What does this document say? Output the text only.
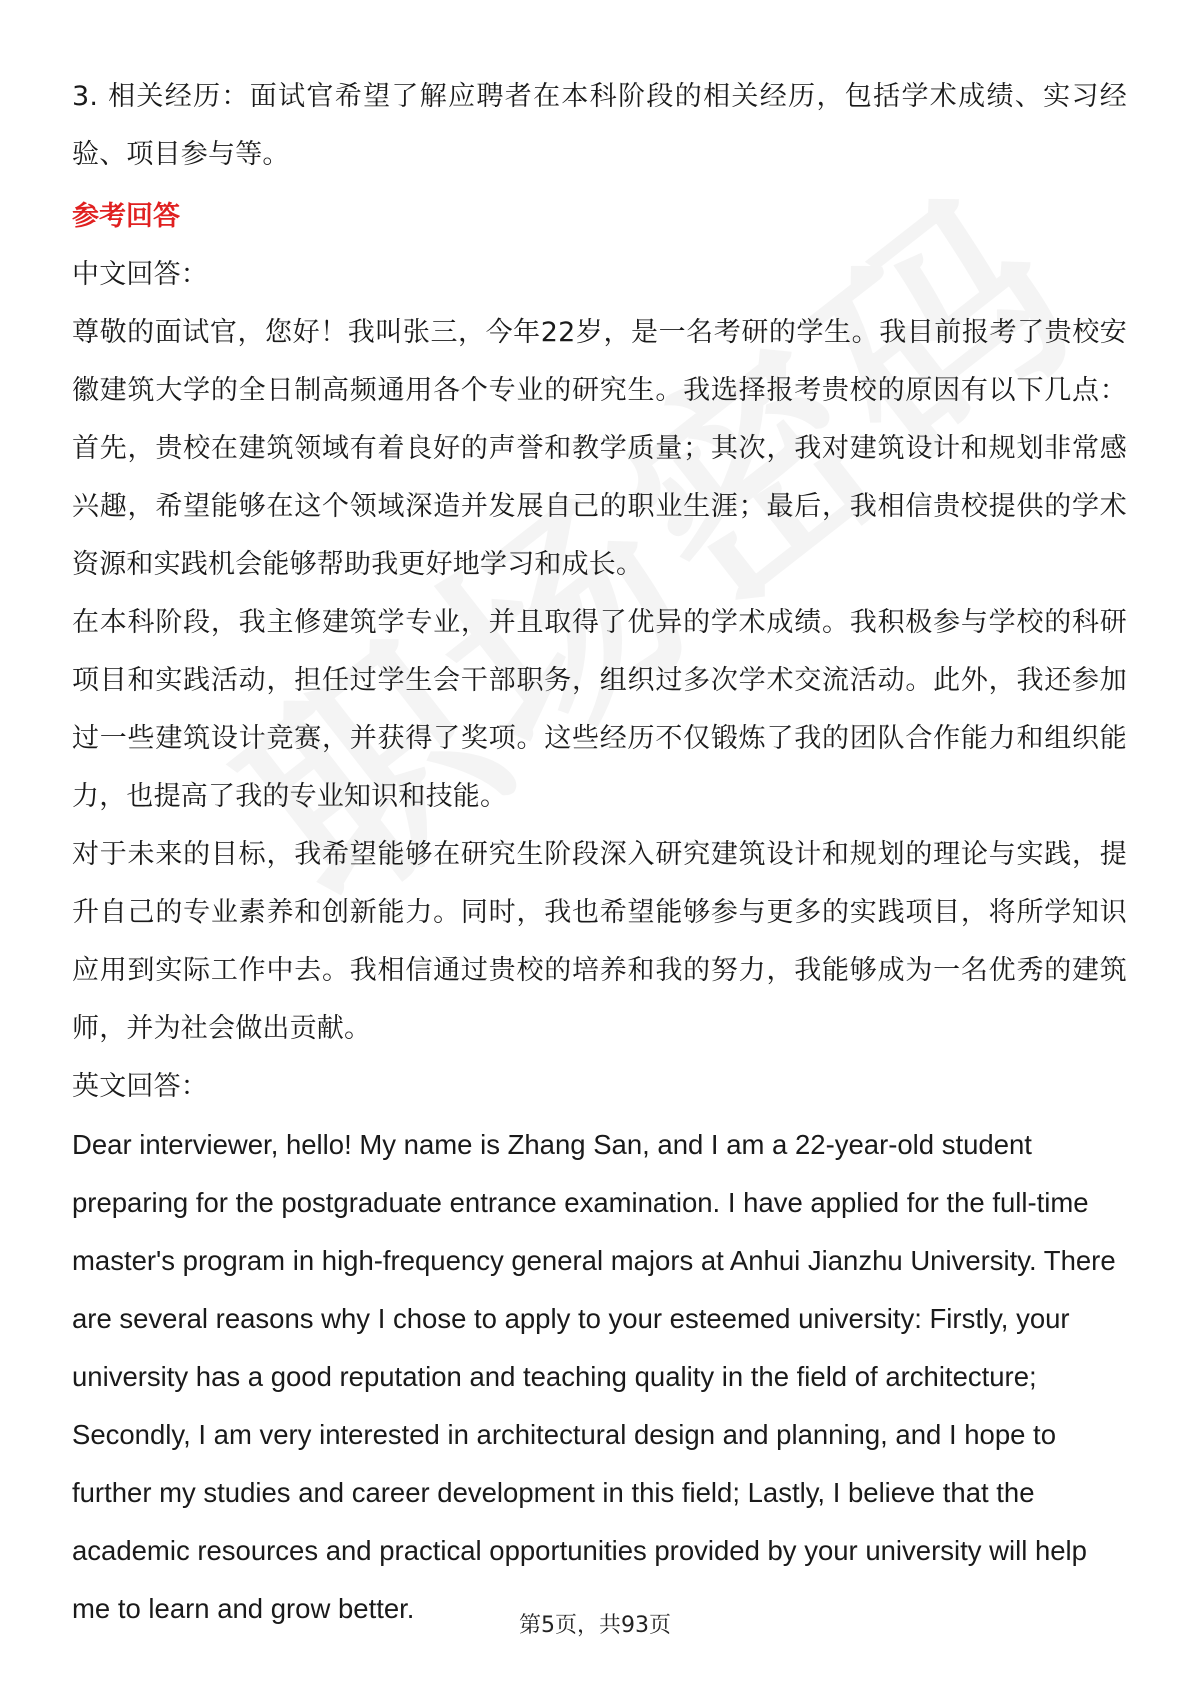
3. 相关经历：面试官希望了解应聘者在本科阶段的相关经历，包括学术成绩、实习经验、项目参与等。

参考回答

中文回答：

尊敬的面试官，您好！我叫张三，今年22岁，是一名考研的学生。我目前报考了贵校安徽建筑大学的全日制高频通用各个专业的研究生。我选择报考贵校的原因有以下几点：首先，贵校在建筑领域有着良好的声誉和教学质量；其次，我对建筑设计和规划非常感兴趣，希望能够在这个领域深造并发展自己的职业生涯；最后，我相信贵校提供的学术资源和实践机会能够帮助我更好地学习和成长。

在本科阶段，我主修建筑学专业，并且取得了优异的学术成绩。我积极参与学校的科研项目和实践活动，担任过学生会干部职务，组织过多次学术交流活动。此外，我还参加过一些建筑设计竞赛，并获得了奖项。这些经历不仅锻炼了我的团队合作能力和组织能力，也提高了我的专业知识和技能。

对于未来的目标，我希望能够在研究生阶段深入研究建筑设计和规划的理论与实践，提升自己的专业素养和创新能力。同时，我也希望能够参与更多的实践项目，将所学知识应用到实际工作中去。我相信通过贵校的培养和我的努力，我能够成为一名优秀的建筑师，并为社会做出贡献。

英文回答：

Dear interviewer, hello! My name is Zhang San, and I am a 22-year-old student preparing for the postgraduate entrance examination. I have applied for the full-time master's program in high-frequency general majors at Anhui Jianzhu University. There are several reasons why I chose to apply to your esteemed university: Firstly, your university has a good reputation and teaching quality in the field of architecture; Secondly, I am very interested in architectural design and planning, and I hope to further my studies and career development in this field; Lastly, I believe that the academic resources and practical opportunities provided by your university will help me to learn and grow better.

第5页，共93页
